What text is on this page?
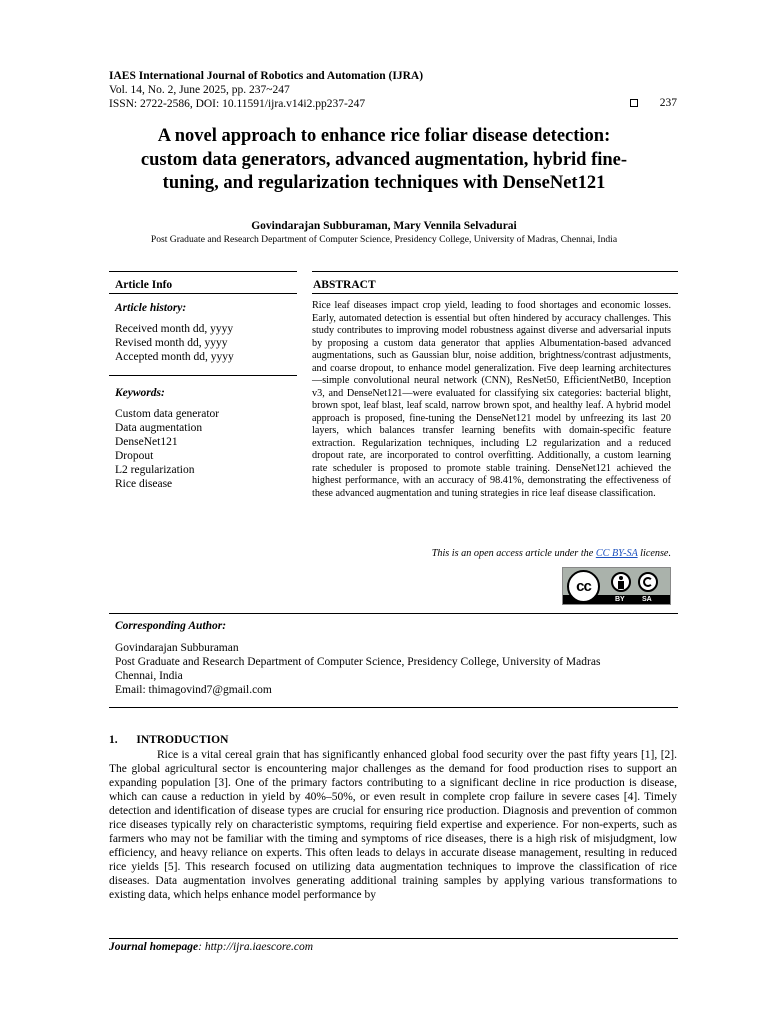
IAES International Journal of Robotics and Automation (IJRA)
Vol. 14, No. 2, June 2025, pp. 237~247
ISSN: 2722-2586, DOI: 10.11591/ijra.v14i2.pp237-247	237
A novel approach to enhance rice foliar disease detection:
custom data generators, advanced augmentation, hybrid fine-
tuning, and regularization techniques with DenseNet121
Govindarajan Subburaman, Mary Vennila Selvadurai
Post Graduate and Research Department of Computer Science, Presidency College, University of Madras, Chennai, India
Article Info
Article history:
Received month dd, yyyy
Revised month dd, yyyy
Accepted month dd, yyyy
Keywords:
Custom data generator
Data augmentation
DenseNet121
Dropout
L2 regularization
Rice disease
ABSTRACT

Rice leaf diseases impact crop yield, leading to food shortages and economic losses. Early, automated detection is essential but often hindered by accuracy challenges. This study contributes to improving model robustness against diverse and adversarial inputs by proposing a custom data generator that applies Albumentation-based advanced augmentations, such as Gaussian blur, noise addition, brightness/contrast adjustments, and coarse dropout, to enhance model generalization. Five deep learning architectures—simple convolutional neural network (CNN), ResNet50, EfficientNetB0, Inception v3, and DenseNet121—were evaluated for classifying six categories: bacterial blight, brown spot, leaf blast, leaf scald, narrow brown spot, and healthy leaf. A hybrid model approach is proposed, fine-tuning the DenseNet121 model by unfreezing its last 20 layers, which balances transfer learning benefits with domain-specific feature extraction. Regularization techniques, including L2 regularization and a reduced dropout rate, are incorporated to control overfitting. Additionally, a custom learning rate scheduler is proposed to promote stable training. DenseNet121 achieved the highest performance, with an accuracy of 98.41%, demonstrating the effectiveness of these advanced augmentation and tuning strategies in rice leaf disease classification.

This is an open access article under the CC BY-SA license.
cc
BY SA
Corresponding Author:
Govindarajan Subburaman
Post Graduate and Research Department of Computer Science, Presidency College, University of Madras
Chennai, India
Email: thimagovind7@gmail.com
1. INTRODUCTION

Rice is a vital cereal grain that has significantly enhanced global food security over the past fifty years [1], [2]. The global agricultural sector is encountering major challenges as the demand for food production rises to support an expanding population [3]. One of the primary factors contributing to a significant decline in rice production is disease, which can cause a reduction in yield by 40%–50%, or even result in complete crop failure in severe cases [4]. Timely detection and identification of disease types are crucial for ensuring rice production. Diagnosis and prevention of common rice diseases typically rely on characteristic symptoms, requiring field expertise and experience. For non-experts, such as farmers who may not be familiar with the timing and symptoms of rice diseases, there is a high risk of misjudgment, low efficiency, and heavy reliance on experts. This often leads to delays in accurate disease management, resulting in reduced rice yields [5]. This research focused on utilizing data augmentation techniques to improve the classification of rice diseases. Data augmentation involves generating additional training samples by applying various transformations to existing data, which helps enhance model performance by

Journal homepage: http://ijra.iaescore.com
